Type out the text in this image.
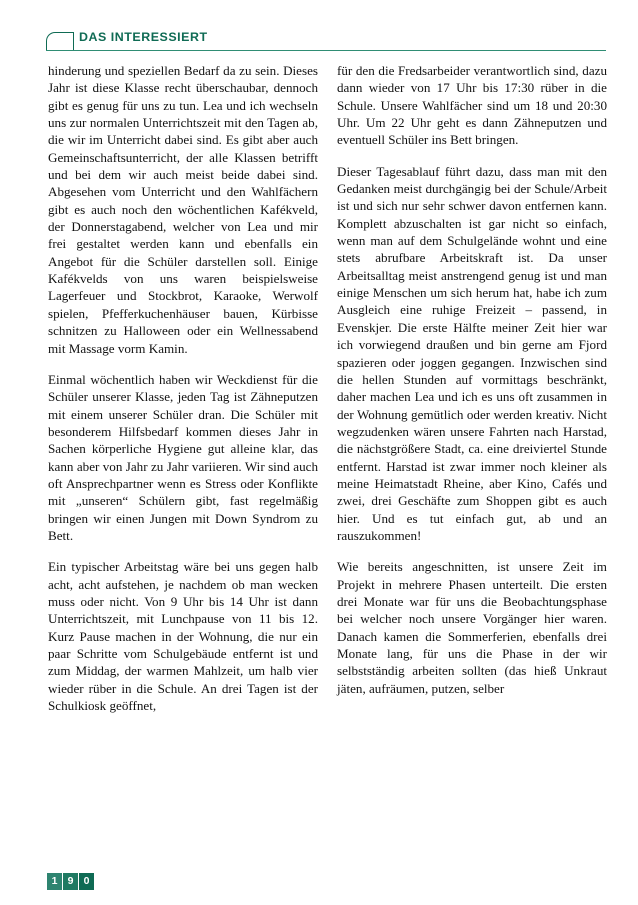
DAS INTERESSIERT

hinderung und speziellen Bedarf da zu sein. Dieses Jahr ist diese Klasse recht überschaubar, dennoch gibt es genug für uns zu tun. Lea und ich wechseln uns zur normalen Unterrichtszeit mit den Tagen ab, die wir im Unterricht dabei sind. Es gibt aber auch Gemeinschaftsunterricht, der alle Klassen betrifft und bei dem wir auch meist beide dabei sind. Abgesehen vom Unterricht und den Wahlfächern gibt es auch noch den wöchentlichen Kafékveld, der Donnerstagabend, welcher von Lea und mir frei gestaltet werden kann und ebenfalls ein Angebot für die Schüler darstellen soll. Einige Kafékvelds von uns waren beispielsweise Lagerfeuer und Stockbrot, Karaoke, Werwolf spielen, Pfefferkuchenhäuser bauen, Kürbisse schnitzen zu Halloween oder ein Wellnessabend mit Massage vorm Kamin.

Einmal wöchentlich haben wir Weckdienst für die Schüler unserer Klasse, jeden Tag ist Zähneputzen mit einem unserer Schüler dran. Die Schüler mit besonderem Hilfsbedarf kommen dieses Jahr in Sachen körperliche Hygiene gut alleine klar, das kann aber von Jahr zu Jahr variieren. Wir sind auch oft Ansprechpartner wenn es Stress oder Konflikte mit „unseren“ Schülern gibt, fast regelmäßig bringen wir einen Jungen mit Down Syndrom zu Bett.

Ein typischer Arbeitstag wäre bei uns gegen halb acht, acht aufstehen, je nachdem ob man wecken muss oder nicht. Von 9 Uhr bis 14 Uhr ist dann Unterrichtszeit, mit Lunchpause von 11 bis 12. Kurz Pause machen in der Wohnung, die nur ein paar Schritte vom Schulgebäude entfernt ist und zum Middag, der warmen Mahlzeit, um halb vier wieder rüber in die Schule. An drei Tagen ist der Schulkiosk geöffnet,

für den die Fredsarbeider verantwortlich sind, dazu dann wieder von 17 Uhr bis 17:30 rüber in die Schule. Unsere Wahlfächer sind um 18 und 20:30 Uhr. Um 22 Uhr geht es dann Zähneputzen und eventuell Schüler ins Bett bringen.

Dieser Tagesablauf führt dazu, dass man mit den Gedanken meist durchgängig bei der Schule/Arbeit ist und sich nur sehr schwer davon entfernen kann. Komplett abzuschalten ist gar nicht so einfach, wenn man auf dem Schulgelände wohnt und eine stets abrufbare Arbeitskraft ist. Da unser Arbeitsalltag meist anstrengend genug ist und man einige Menschen um sich herum hat, habe ich zum Ausgleich eine ruhige Freizeit – passend, in Evenskjer. Die erste Hälfte meiner Zeit hier war ich vorwiegend draußen und bin gerne am Fjord spazieren oder joggen gegangen. Inzwischen sind die hellen Stunden auf vormittags beschränkt, daher machen Lea und ich es uns oft zusammen in der Wohnung gemütlich oder werden kreativ. Nicht wegzudenken wären unsere Fahrten nach Harstad, die nächstgrößere Stadt, ca. eine dreiviertel Stunde entfernt. Harstad ist zwar immer noch kleiner als meine Heimatstadt Rheine, aber Kino, Cafés und zwei, drei Geschäfte zum Shoppen gibt es auch hier. Und es tut einfach gut, ab und an rauszukommen!

Wie bereits angeschnitten, ist unsere Zeit im Projekt in mehrere Phasen unterteilt. Die ersten drei Monate war für uns die Beobachtungsphase bei welcher noch unsere Vorgänger hier waren. Danach kamen die Sommerferien, ebenfalls drei Monate lang, für uns die Phase in der wir selbstständig arbeiten sollten (das hieß Unkraut jäten, aufräumen, putzen, selber

1 9 0
